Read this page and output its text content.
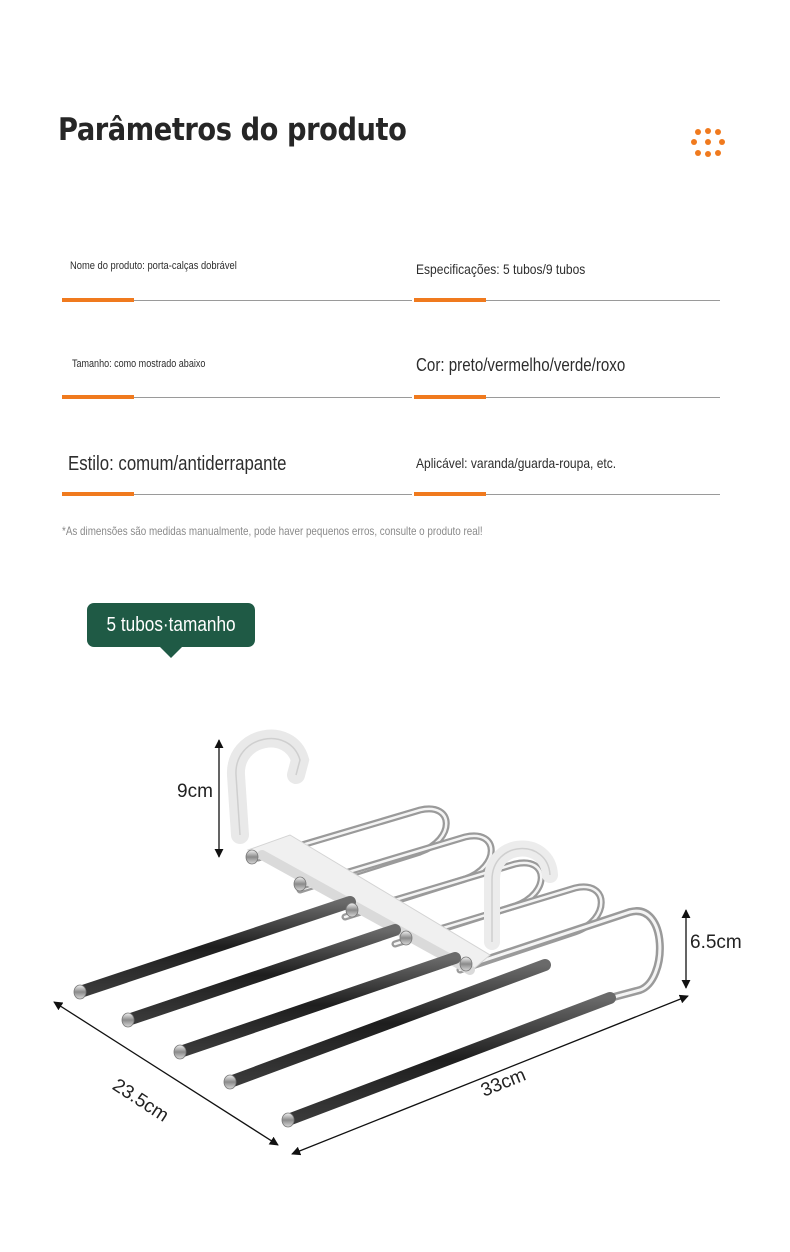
Parâmetros do produto
Nome do produto: porta-calças dobrável	Especificações: 5 tubos/9 tubos
Tamanho: como mostrado abaixo	Cor: preto/vermelho/verde/roxo
Estilo: comum/antiderrapante	Aplicável: varanda/guarda-roupa, etc.
*As dimensões são medidas manualmente, pode haver pequenos erros, consulte o produto real!
5 tubos·tamanho
9cm
6.5cm
23.5cm	33cm
